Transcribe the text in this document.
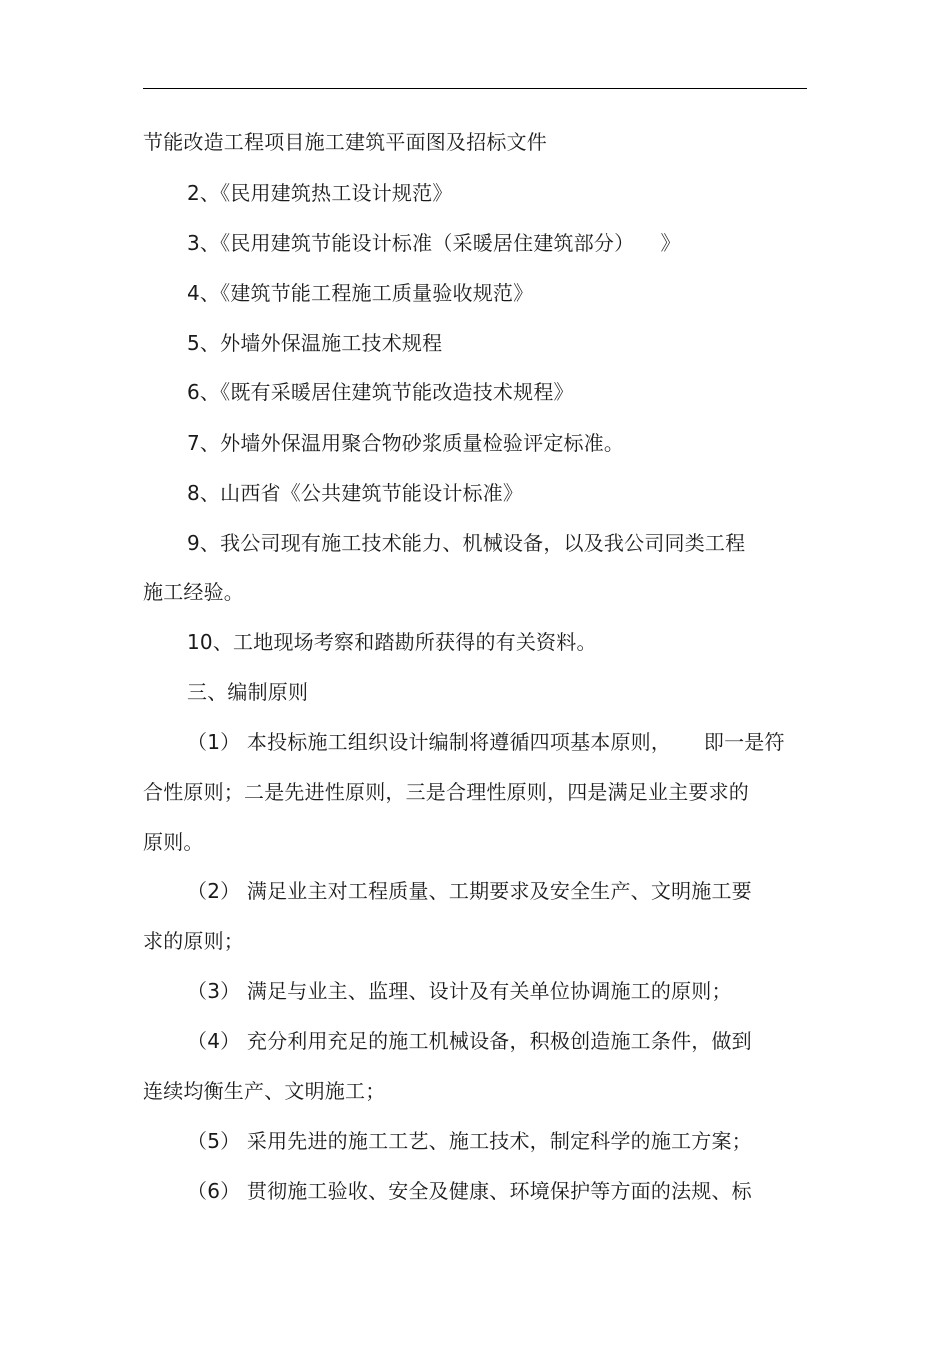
节能改造工程项目施工建筑平面图及招标文件

2、《民用建筑热工设计规范》

3、《民用建筑节能设计标准（采暖居住建筑部分）    》

4、《建筑节能工程施工质量验收规范》

5、外墙外保温施工技术规程

6、《既有采暖居住建筑节能改造技术规程》

7、外墙外保温用聚合物砂浆质量检验评定标准。

8、山西省《公共建筑节能设计标准》

9、我公司现有施工技术能力、机械设备，以及我公司同类工程

施工经验。

10、工地现场考察和踏勘所获得的有关资料。

三、编制原则

（1） 本投标施工组织设计编制将遵循四项基本原则，     即一是符

合性原则；二是先进性原则，三是合理性原则，四是满足业主要求的

原则。

（2） 满足业主对工程质量、工期要求及安全生产、文明施工要

求的原则；

（3） 满足与业主、监理、设计及有关单位协调施工的原则；

（4） 充分利用充足的施工机械设备，积极创造施工条件，做到

连续均衡生产、文明施工；

（5） 采用先进的施工工艺、施工技术，制定科学的施工方案；

（6） 贯彻施工验收、安全及健康、环境保护等方面的法规、标
